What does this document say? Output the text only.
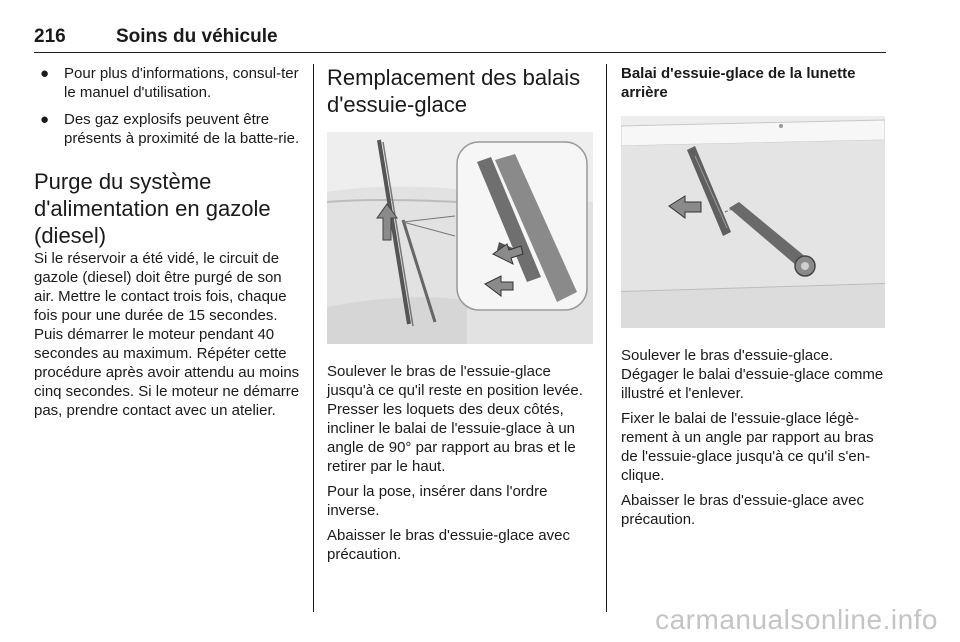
216	Soins du véhicule
● Pour plus d'informations, consul-ter le manuel d'utilisation.
● Des gaz explosifs peuvent être présents à proximité de la batte-rie.
Purge du système d'alimentation en gazole (diesel)

Si le réservoir a été vidé, le circuit de gazole (diesel) doit être purgé de son air. Mettre le contact trois fois, chaque fois pour une durée de 15 secondes. Puis démarrer le moteur pendant 40 secondes au maximum. Répéter cette procédure après avoir attendu au moins cinq secondes. Si le moteur ne démarre pas, prendre contact avec un atelier.

Remplacement des balais d'essuie-glace

Soulever le bras de l'essuie-glace jusqu'à ce qu'il reste en position levée. Presser les loquets des deux côtés, incliner le balai de l'essuie-glace à un angle de 90° par rapport au bras et le retirer par le haut.

Pour la pose, insérer dans l'ordre inverse.

Abaisser le bras d'essuie-glace avec précaution.

Balai d'essuie-glace de la lunette arrière

Soulever le bras d'essuie-glace. Dégager le balai d'essuie-glace comme illustré et l'enlever.

Fixer le balai de l'essuie-glace légè-rement à un angle par rapport au bras de l'essuie-glace jusqu'à ce qu'il s'en-clique.

Abaisser le bras d'essuie-glace avec précaution.

carmanualsonline.info
